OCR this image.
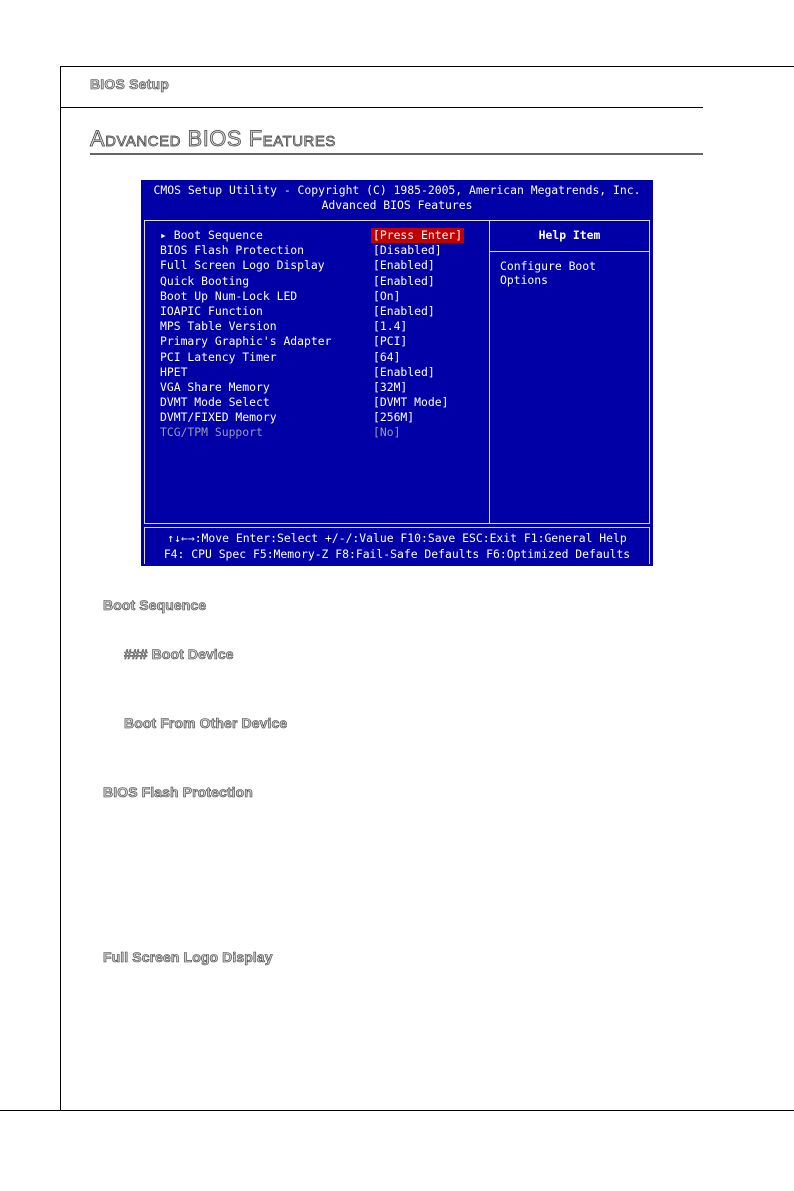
BIOS Setup
Advanced BIOS Features
CMOS Setup Utility - Copyright (C) 1985-2005, American Megatrends, Inc.
Advanced BIOS Features
Help Item
Configure Boot Options
▸ Boot Sequence	[Press Enter]
BIOS Flash Protection	[Disabled]
Full Screen Logo Display	[Enabled]
Quick Booting	[Enabled]
Boot Up Num-Lock LED	[On]
IOAPIC Function	[Enabled]
MPS Table Version	[1.4]
Primary Graphic's Adapter	[PCI]
PCI Latency Timer	[64]
HPET	[Enabled]
VGA Share Memory	[32M]
DVMT Mode Select	[DVMT Mode]
DVMT/FIXED Memory	[256M]
TCG/TPM Support	[No]
↑↓←→:Move Enter:Select +/-/:Value F10:Save ESC:Exit F1:General Help
F4: CPU Spec F5:Memory-Z F8:Fail-Safe Defaults F6:Optimized Defaults
Boot Sequence
### Boot Device
Boot From Other Device
BIOS Flash Protection
Full Screen Logo Display
